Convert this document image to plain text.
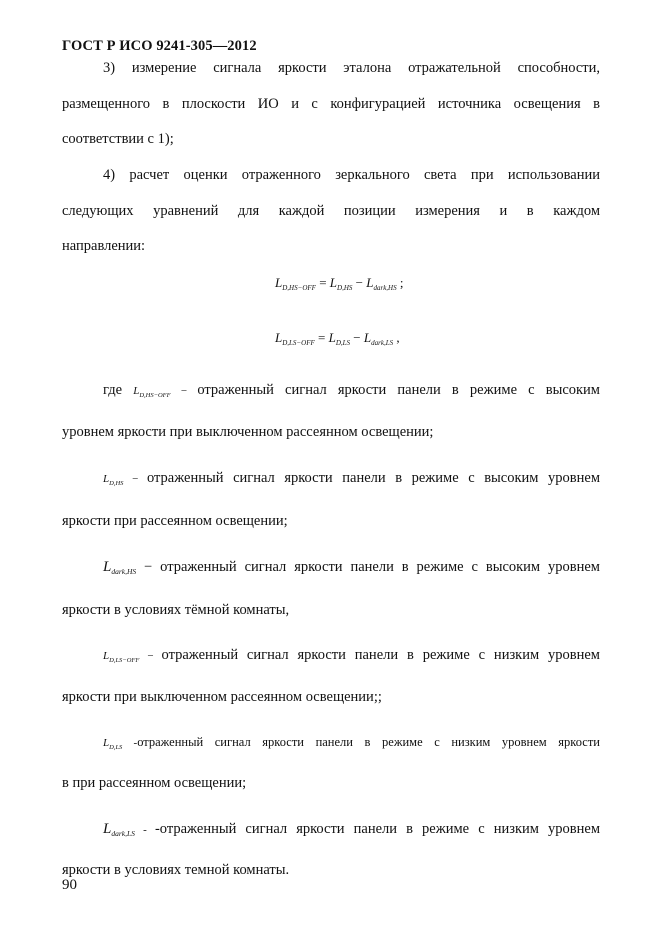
ГОСТ Р ИСО 9241-305—2012
3) измерение сигнала яркости эталона отражательной способности,
размещенного в плоскости ИО и с конфигурацией источника освещения в
соответствии с 1);
4) расчет оценки отраженного зеркального света при использовании
следующих уравнений для каждой позиции измерения и в каждом
направлении:
$L_{D,HS-OFF} = L_{D,HS} - L_{dark,HS}$ ;
$L_{D,LS-OFF} = L_{D,LS} - L_{dark,LS}$ ,
где $L_{D,HS-OFF}$ − отраженный сигнал яркости панели в режиме с высоким
уровнем яркости при выключенном рассеянном освещении;
$L_{D,HS}$ − отраженный сигнал яркости панели в режиме с высоким уровнем
яркости при рассеянном освещении;
$L_{dark,HS}$ − отраженный сигнал яркости панели в режиме с высоким уровнем
яркости в условиях тёмной комнаты,
$L_{D,LS-OFF}$ − отраженный сигнал яркости панели в режиме с низким уровнем
яркости при выключенном рассеянном освещении;;
$L_{D,LS}$ -отраженный сигнал яркости панели в режиме с низким уровнем яркости
в при рассеянном освещении;
$L_{dark,LS}$ - -отраженный сигнал яркости панели в режиме с низким уровнем
яркости в условиях темной комнаты.
90
